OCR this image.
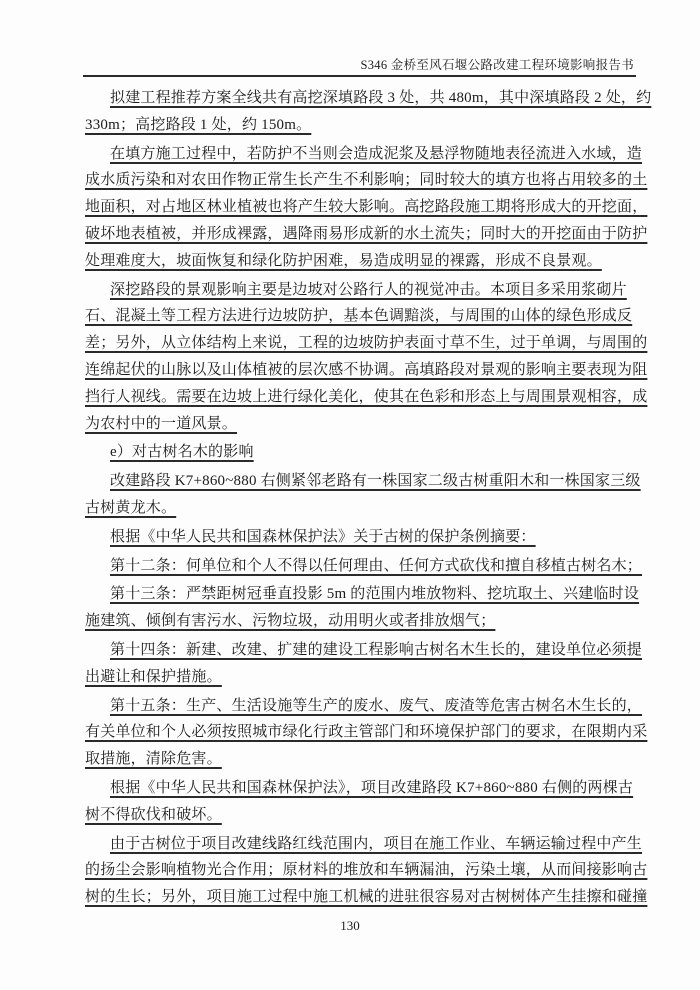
S346 金桥至风石堰公路改建工程环境影响报告书
拟建工程推荐方案全线共有高挖深填路段 3 处，共 480m，其中深填路段 2 处，约
330m；高挖路段 1 处，约 150m。
在填方施工过程中，若防护不当则会造成泥浆及悬浮物随地表径流进入水域，造
成水质污染和对农田作物正常生长产生不利影响；同时较大的填方也将占用较多的土
地面积，对占地区林业植被也将产生较大影响。高挖路段施工期将形成大的开挖面，
破坏地表植被，并形成裸露，遇降雨易形成新的水土流失；同时大的开挖面由于防护
处理难度大，坡面恢复和绿化防护困难，易造成明显的裸露，形成不良景观。
深挖路段的景观影响主要是边坡对公路行人的视觉冲击。本项目多采用浆砌片
石、混凝土等工程方法进行边坡防护，基本色调黯淡，与周围的山体的绿色形成反
差；另外，从立体结构上来说，工程的边坡防护表面寸草不生，过于单调，与周围的
连绵起伏的山脉以及山体植被的层次感不协调。高填路段对景观的影响主要表现为阻
挡行人视线。需要在边坡上进行绿化美化，使其在色彩和形态上与周围景观相容，成
为农村中的一道风景。
e）对古树名木的影响
改建路段 K7+860~880 右侧紧邻老路有一株国家二级古树重阳木和一株国家三级
古树黄龙木。
根据《中华人民共和国森林保护法》关于古树的保护条例摘要：
第十二条：何单位和个人不得以任何理由、任何方式砍伐和擅自移植古树名木；
第十三条：严禁距树冠垂直投影 5m 的范围内堆放物料、挖坑取土、兴建临时设
施建筑、倾倒有害污水、污物垃圾，动用明火或者排放烟气；
第十四条：新建、改建、扩建的建设工程影响古树名木生长的，建设单位必须提
出避让和保护措施。
第十五条：生产、生活设施等生产的废水、废气、废渣等危害古树名木生长的，
有关单位和个人必须按照城市绿化行政主管部门和环境保护部门的要求，在限期内采
取措施，清除危害。
根据《中华人民共和国森林保护法》，项目改建路段 K7+860~880 右侧的两棵古
树不得砍伐和破坏。
由于古树位于项目改建线路红线范围内，项目在施工作业、车辆运输过程中产生
的扬尘会影响植物光合作用；原材料的堆放和车辆漏油，污染土壤，从而间接影响古
树的生长；另外，项目施工过程中施工机械的进驻很容易对古树树体产生挂擦和碰撞
130
